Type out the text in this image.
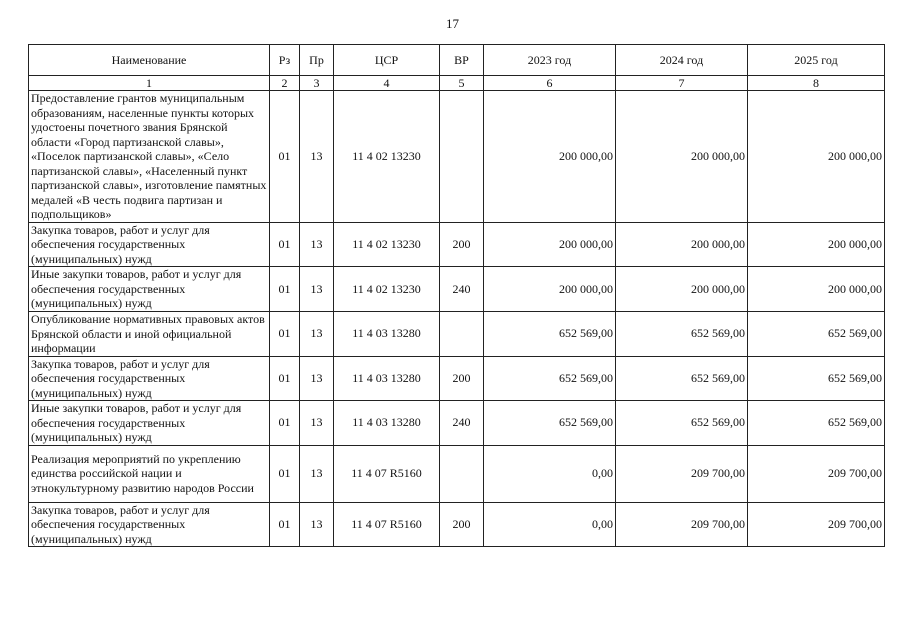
17
Наименование	Рз	Пр	ЦСР	ВР	2023 год	2024 год	2025 год
1	2	3	4	5	6	7	8
Предоставление грантов муниципальным образованиям, населенные пункты которых удостоены почетного звания Брянской области «Город партизанской славы», «Поселок партизанской славы», «Село партизанской славы», «Населенный пункт партизанской славы», изготовление памятных медалей «В честь подвига партизан и подпольщиков»	01	13	11 4 02 13230		200 000,00	200 000,00	200 000,00
Закупка товаров, работ и услуг для обеспечения государственных (муниципальных) нужд	01	13	11 4 02 13230	200	200 000,00	200 000,00	200 000,00
Иные закупки товаров, работ и услуг для обеспечения государственных (муниципальных) нужд	01	13	11 4 02 13230	240	200 000,00	200 000,00	200 000,00
Опубликование нормативных правовых актов Брянской области и иной официальной информации	01	13	11 4 03 13280		652 569,00	652 569,00	652 569,00
Закупка товаров, работ и услуг для обеспечения государственных (муниципальных) нужд	01	13	11 4 03 13280	200	652 569,00	652 569,00	652 569,00
Иные закупки товаров, работ и услуг для обеспечения государственных (муниципальных) нужд	01	13	11 4 03 13280	240	652 569,00	652 569,00	652 569,00
Реализация мероприятий по укреплению единства российской нации и этнокультурному развитию народов России	01	13	11 4 07 R5160		0,00	209 700,00	209 700,00
Закупка товаров, работ и услуг для обеспечения государственных (муниципальных) нужд	01	13	11 4 07 R5160	200	0,00	209 700,00	209 700,00
